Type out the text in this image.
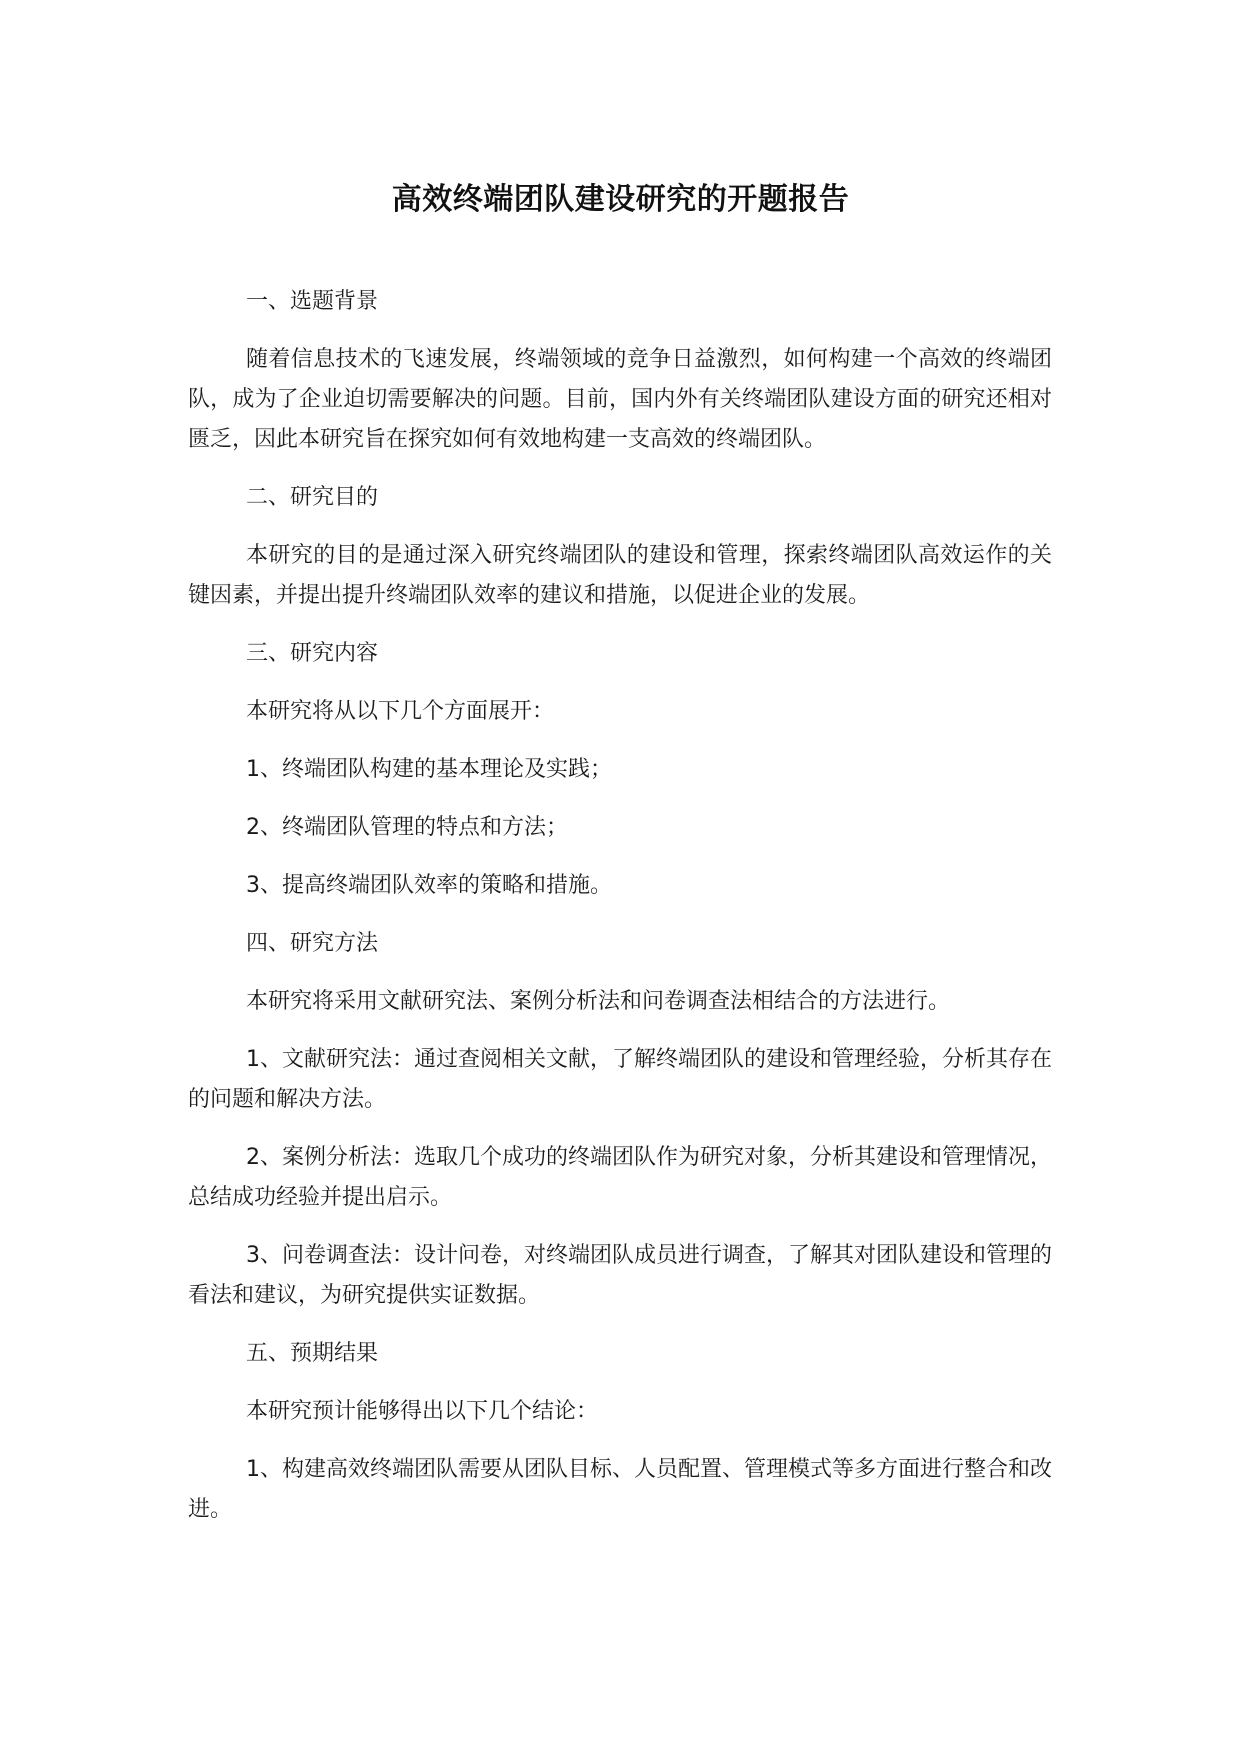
高效终端团队建设研究的开题报告

一、选题背景

随着信息技术的飞速发展，终端领域的竞争日益激烈，如何构建一个高效的终端团队，成为了企业迫切需要解决的问题。目前，国内外有关终端团队建设方面的研究还相对匮乏，因此本研究旨在探究如何有效地构建一支高效的终端团队。

二、研究目的

本研究的目的是通过深入研究终端团队的建设和管理，探索终端团队高效运作的关键因素，并提出提升终端团队效率的建议和措施，以促进企业的发展。

三、研究内容

本研究将从以下几个方面展开：

1、终端团队构建的基本理论及实践；

2、终端团队管理的特点和方法；

3、提高终端团队效率的策略和措施。

四、研究方法

本研究将采用文献研究法、案例分析法和问卷调查法相结合的方法进行。

1、文献研究法：通过查阅相关文献，了解终端团队的建设和管理经验，分析其存在的问题和解决方法。

2、案例分析法：选取几个成功的终端团队作为研究对象，分析其建设和管理情况，总结成功经验并提出启示。

3、问卷调查法：设计问卷，对终端团队成员进行调查，了解其对团队建设和管理的看法和建议，为研究提供实证数据。

五、预期结果

本研究预计能够得出以下几个结论：

1、构建高效终端团队需要从团队目标、人员配置、管理模式等多方面进行整合和改进。
